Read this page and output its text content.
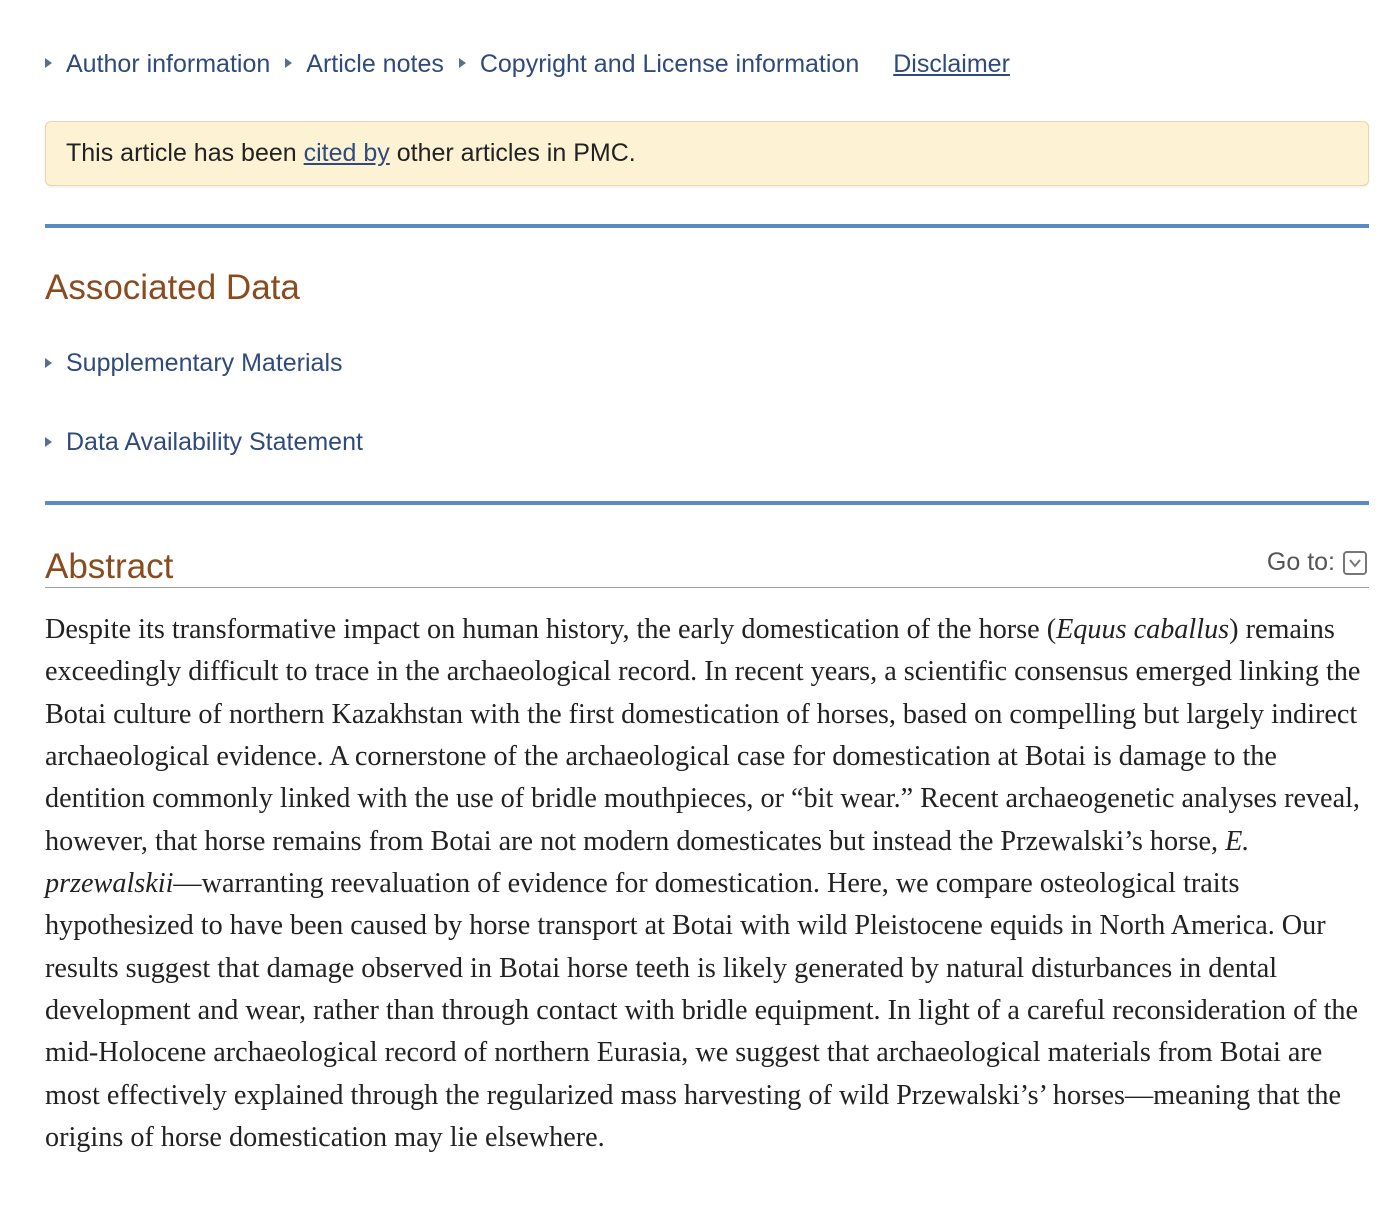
Author information Article notes Copyright and License information Disclaimer
This article has been cited by other articles in PMC.
Associated Data
Supplementary Materials
Data Availability Statement
Abstract	Go to:

Despite its transformative impact on human history, the early domestication of the horse (Equus caballus) remains exceedingly difficult to trace in the archaeological record. In recent years, a scientific consensus emerged linking the Botai culture of northern Kazakhstan with the first domestication of horses, based on compelling but largely indirect archaeological evidence. A cornerstone of the archaeological case for domestication at Botai is damage to the dentition commonly linked with the use of bridle mouthpieces, or “bit wear.” Recent archaeogenetic analyses reveal, however, that horse remains from Botai are not modern domesticates but instead the Przewalski’s horse, E. przewalskii—warranting reevaluation of evidence for domestication. Here, we compare osteological traits hypothesized to have been caused by horse transport at Botai with wild Pleistocene equids in North America. Our results suggest that damage observed in Botai horse teeth is likely generated by natural disturbances in dental development and wear, rather than through contact with bridle equipment. In light of a careful reconsideration of the mid-Holocene archaeological record of northern Eurasia, we suggest that archaeological materials from Botai are most effectively explained through the regularized mass harvesting of wild Przewalski’s’ horses—meaning that the origins of horse domestication may lie elsewhere.
